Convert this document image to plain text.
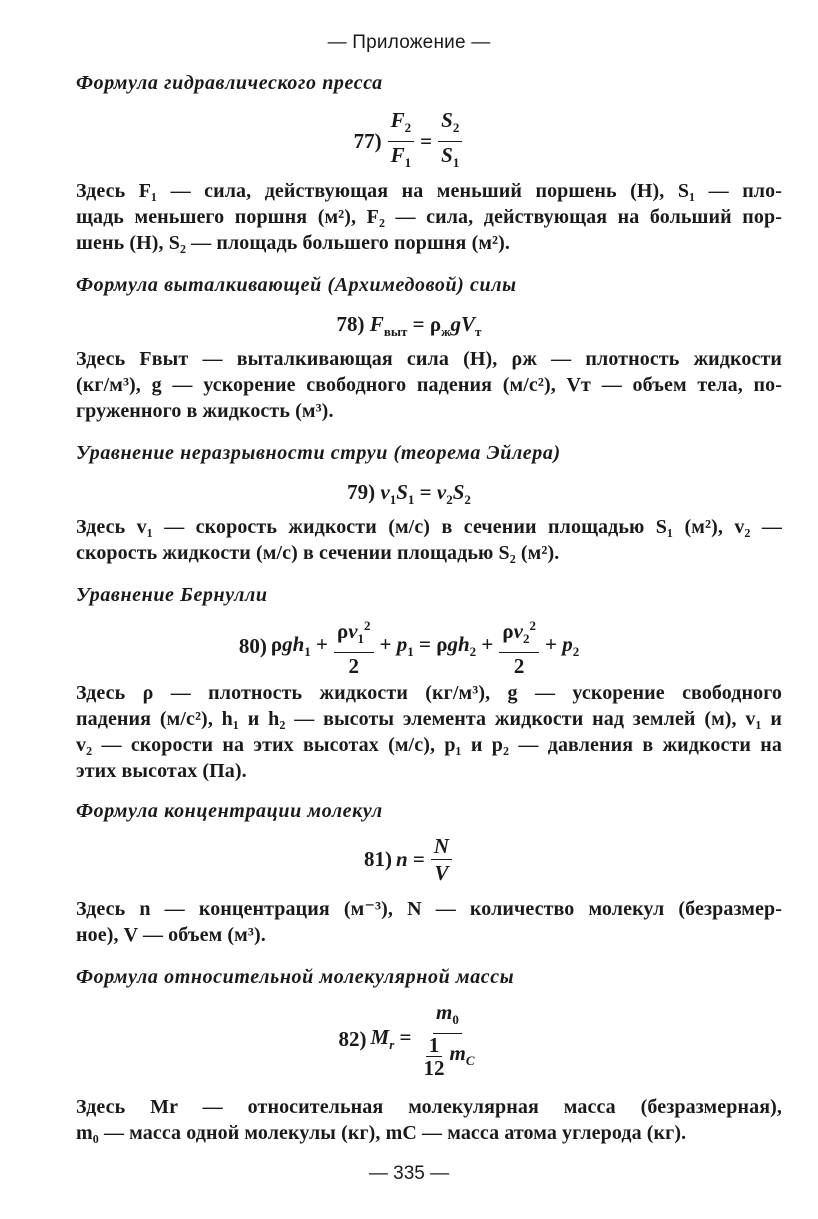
— Приложение —
Формула гидравлического пресса
$77) \frac{F_2}{F_1} = \frac{S_2}{S_1}$
Здесь F₁ — сила, действующая на меньший поршень (Н), S₁ — пло-
щадь меньшего поршня (м²), F₂ — сила, действующая на больший пор-
шень (Н), S₂ — площадь большего поршня (м²).
Формула выталкивающей (Архимедовой) силы
78) $F_{выт} = \rho_жgV_т$
Здесь Fвыт — выталкивающая сила (Н), ρж — плотность жидкости
(кг/м³), g — ускорение свободного падения (м/с²), Vт — объем тела, по-
груженного в жидкость (м³).
Уравнение неразрывности струи (теорема Эйлера)
79) $v_1S_1 = v_2S_2$
Здесь v₁ — скорость жидкости (м/с) в сечении площадью S₁ (м²), v₂ —
скорость жидкости (м/с) в сечении площадью S₂ (м²).
Уравнение Бернулли
80) $\rho gh_1 + \frac{\rho v_1^2}{2} + p_1 = \rho gh_2 + \frac{\rho v_2^2}{2} + p_2$
Здесь ρ — плотность жидкости (кг/м³), g — ускорение свободного
падения (м/с²), h₁ и h₂ — высоты элемента жидкости над землей (м), v₁ и
v₂ — скорости на этих высотах (м/с), p₁ и p₂ — давления в жидкости на
этих высотах (Па).
Формула концентрации молекул
81) $n = \frac{N}{V}$
Здесь n — концентрация (м⁻³), N — количество молекул (безразмер-
ное), V — объем (м³).
Формула относительной молекулярной массы
82) $M_r = \frac{m_0}{\frac{1}{12} m_C}$
Здесь Mr — относительная молекулярная масса (безразмерная),
m₀ — масса одной молекулы (кг), mC — масса атома углерода (кг).
— 335 —
